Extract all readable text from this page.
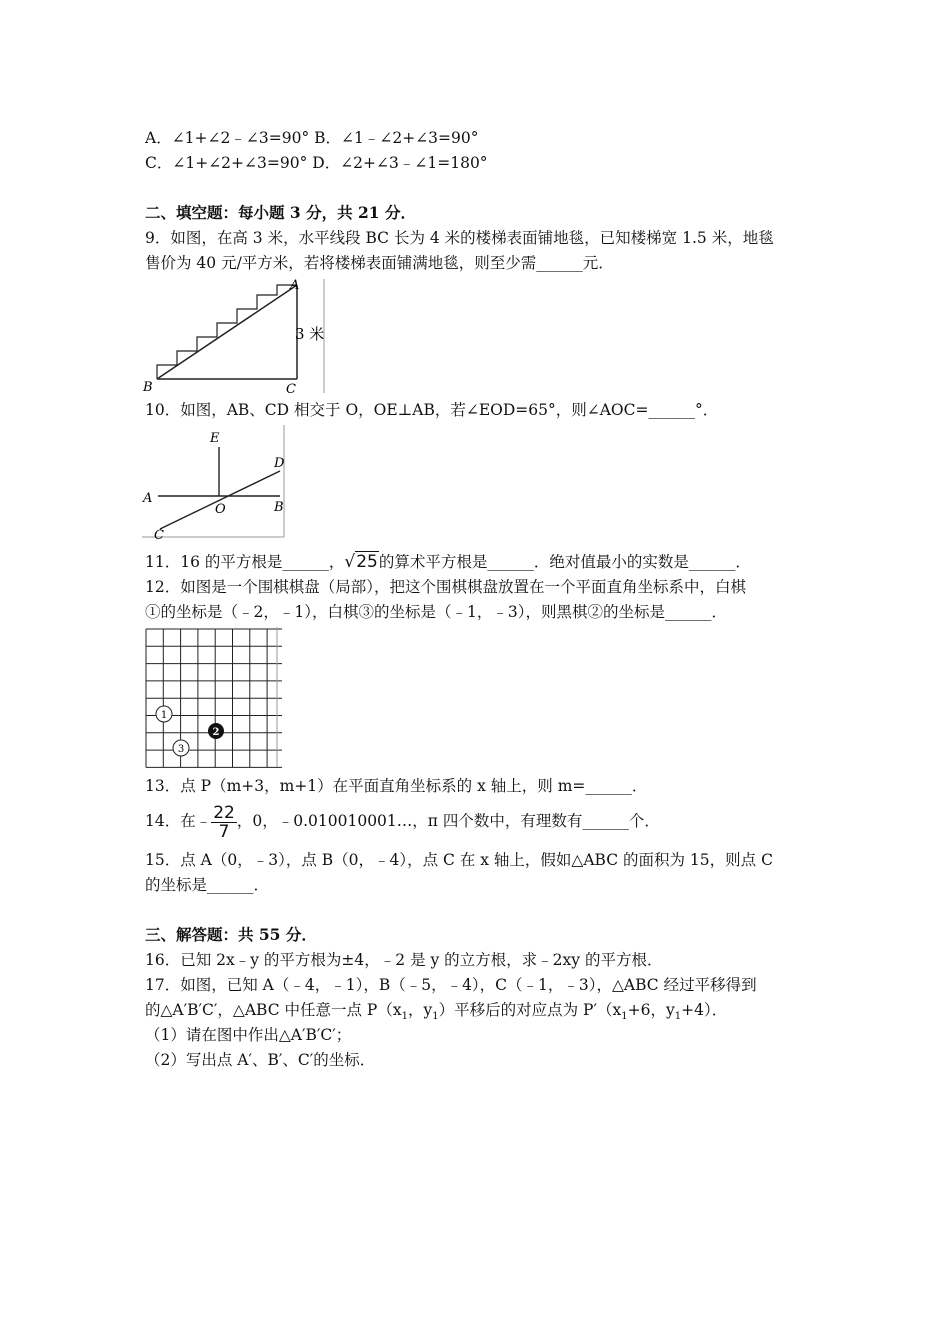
A．∠1+∠2﹣∠3=90° B．∠1﹣∠2+∠3=90°
C．∠1+∠2+∠3=90° D．∠2+∠3﹣∠1=180°
二、填空题：每小题 3 分，共 21 分．
9．如图，在高 3 米，水平线段 BC 长为 4 米的楼梯表面铺地毯，已知楼梯宽 1.5 米，地毯
售价为 40 元/平方米，若将楼梯表面铺满地毯，则至少需______元．
A
B	C
3 米
10．如图，AB、CD 相交于 O，OE⊥AB，若∠EOD=65°，则∠AOC=______°．
E
D
A
B
O
C
11．16 的平方根是______，√25的算术平方根是______．绝对值最小的实数是______．
12．如图是一个围棋棋盘（局部），把这个围棋棋盘放置在一个平面直角坐标系中，白棋
①的坐标是（﹣2，﹣1），白棋③的坐标是（﹣1，﹣3），则黑棋②的坐标是______．
1
2
3
13．点 P（m+3，m+1）在平面直角坐标系的 x 轴上，则 m=______．
14．在﹣ $\frac{22}{7}$ ，0，﹣0.010010001…，π 四个数中，有理数有______个．
15．点 A（0，﹣3），点 B（0，﹣4），点 C 在 x 轴上，假如△ABC 的面积为 15，则点 C
的坐标是______．
三、解答题：共 55 分．
16．已知 2x﹣y 的平方根为±4，﹣2 是 y 的立方根，求﹣2xy 的平方根．
17．如图，已知 A（﹣4，﹣1），B（﹣5，﹣4），C（﹣1，﹣3），△ABC 经过平移得到
的△A′B′C′，△ABC 中任意一点 $P(x_1$，$y_1$）平移后的对应点为 $P'(x_1+6$，$y_1+4$）．
（1）请在图中作出△A′B′C′；
（2）写出点 A′、B′、C′的坐标．
